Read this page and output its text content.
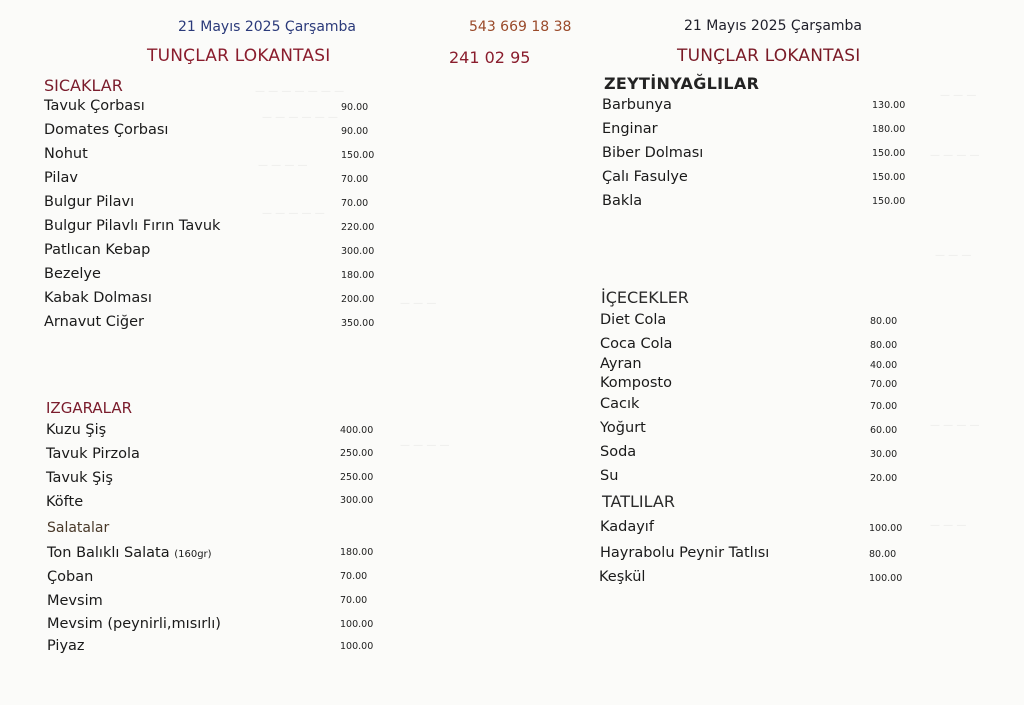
— — — — — — —
— — — — — —
— — — —
— — — — —
— — —
— — — —
— — —
— — — —
— — —
— — — —
— — —
21 Mayıs 2025 Çarşamba
TUNÇLAR LOKANTASI
543 669 18 38
241 02 95
21 Mayıs 2025 Çarşamba
TUNÇLAR LOKANTASI
SICAKLAR
Tavuk Çorbası	90.00
Domates Çorbası	90.00
Nohut	150.00
Pilav	70.00
Bulgur Pilavı	70.00
Bulgur Pilavlı Fırın Tavuk	220.00
Patlıcan Kebap	300.00
Bezelye	180.00
Kabak Dolması	200.00
Arnavut Ciğer	350.00
IZGARALAR
Kuzu Şiş	400.00
Tavuk Pirzola	250.00
Tavuk Şiş	250.00
Köfte	300.00
Salatalar
Ton Balıklı Salata (160gr)	180.00
Çoban	70.00
Mevsim	70.00
Mevsim (peynirli,mısırlı)	100.00
Piyaz	100.00
ZEYTİNYAĞLILAR
Barbunya	130.00
Enginar	180.00
Biber Dolması	150.00
Çalı Fasulye	150.00
Bakla	150.00
İÇECEKLER
Diet Cola	80.00
Coca Cola	80.00
Ayran	40.00
Komposto	70.00
Cacık	70.00
Yoğurt	60.00
Soda	30.00
Su	20.00
TATLILAR
Kadayıf	100.00
Hayrabolu Peynir Tatlısı	80.00
Keşkül	100.00
